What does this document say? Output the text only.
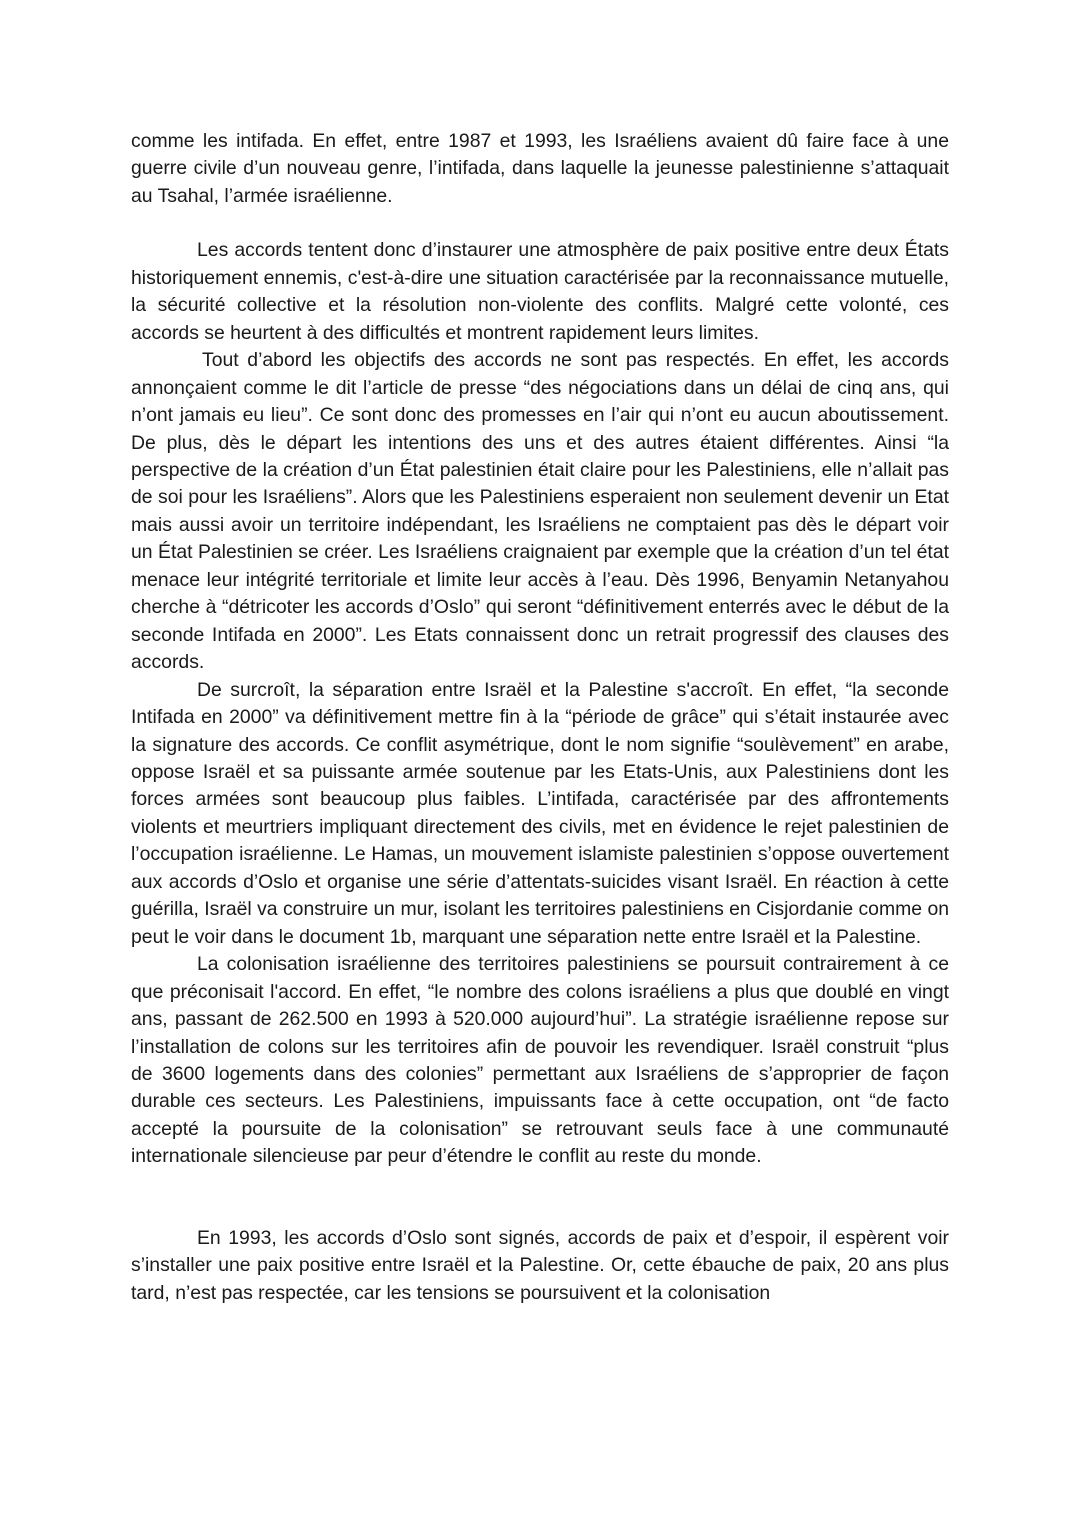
comme les intifada. En effet, entre 1987 et 1993, les Israéliens avaient dû faire face à une guerre civile d’un nouveau genre, l’intifada, dans laquelle la jeunesse palestinienne s’attaquait au Tsahal, l’armée israélienne.

Les accords tentent donc d’instaurer une atmosphère de paix positive entre deux États historiquement ennemis, c'est-à-dire une situation caractérisée par la reconnaissance mutuelle, la sécurité collective et la résolution non-violente des conflits. Malgré cette volonté, ces accords se heurtent à des difficultés et montrent rapidement leurs limites.

Tout d’abord les objectifs des accords ne sont pas respectés. En effet, les accords annonçaient comme le dit l’article de presse “des négociations dans un délai de cinq ans, qui n’ont jamais eu lieu”. Ce sont donc des promesses en l’air qui n’ont eu aucun aboutissement. De plus, dès le départ les intentions des uns et des autres étaient différentes. Ainsi “la perspective de la création d’un État palestinien était claire pour les Palestiniens, elle n’allait pas de soi pour les Israéliens”. Alors que les Palestiniens esperaient non seulement devenir un Etat mais aussi avoir un territoire indépendant, les Israéliens ne comptaient pas dès le départ voir un État Palestinien se créer. Les Israéliens craignaient par exemple que la création d’un tel état menace leur intégrité territoriale et limite leur accès à l’eau. Dès 1996, Benyamin Netanyahou cherche à “détricoter les accords d’Oslo” qui seront “définitivement enterrés avec le début de la seconde Intifada en 2000”. Les Etats connaissent donc un retrait progressif des clauses des accords.

De surcroît, la séparation entre Israël et la Palestine s'accroît. En effet, “la seconde Intifada en 2000” va définitivement mettre fin à la “période de grâce” qui s’était instaurée avec la signature des accords. Ce conflit asymétrique, dont le nom signifie “soulèvement” en arabe, oppose Israël et sa puissante armée soutenue par les Etats-Unis, aux Palestiniens dont les forces armées sont beaucoup plus faibles. L’intifada, caractérisée par des affrontements violents et meurtriers impliquant directement des civils, met en évidence le rejet palestinien de l’occupation israélienne. Le Hamas, un mouvement islamiste palestinien s’oppose ouvertement aux accords d’Oslo et organise une série d’attentats-suicides visant Israël. En réaction à cette guérilla, Israël va construire un mur, isolant les territoires palestiniens en Cisjordanie comme on peut le voir dans le document 1b, marquant une séparation nette entre Israël et la Palestine.

La colonisation israélienne des territoires palestiniens se poursuit contrairement à ce que préconisait l'accord. En effet, “le nombre des colons israéliens a plus que doublé en vingt ans, passant de 262.500 en 1993 à 520.000 aujourd’hui”. La stratégie israélienne repose sur l’installation de colons sur les territoires afin de pouvoir les revendiquer. Israël construit “plus de 3600 logements dans des colonies” permettant aux Israéliens de s’approprier de façon durable ces secteurs. Les Palestiniens, impuissants face à cette occupation, ont “de facto accepté la poursuite de la colonisation” se retrouvant seuls face à une communauté internationale silencieuse par peur d’étendre le conflit au reste du monde.

En 1993, les accords d’Oslo sont signés, accords de paix et d’espoir, il espèrent voir s’installer une paix positive entre Israël et la Palestine. Or, cette ébauche de paix, 20 ans plus tard, n’est pas respectée, car les tensions se poursuivent et la colonisation
